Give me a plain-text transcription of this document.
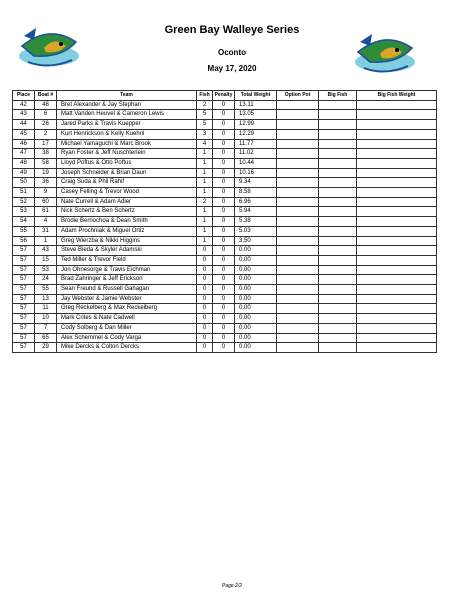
Green Bay Walleye Series
Oconto
May 17, 2020
Place	Boat #	Team	Fish	Penalty	Total Weight	Option Pot	Big Fish	Big Fish Weight
42	48	Bret Alexander & Jay Stephan	2	0	13.11			
43	6	Matt Vanden Heuvel & Cameron Lewis	5	0	13.05			
44	26	Jared Parks & Travis Kuepper	5	0	12.99			
45	2	Kurt Henrickson & Kelly Kuehnl	3	0	12.29			
46	17	Michael Yamaguchi & Marc Brook	4	0	11.77			
47	38	Ryan Foster & Jeff Nuschterlein	1	0	11.02			
48	58	Lloyd Poftus & Otto Poftus	1	0	10.44			
49	19	Joseph Schneider & Brian Daun	1	0	10.16			
50	36	Craig Suda & Phil Rahif	1	0	9.34			
51	9	Casey Felling & Trevor Wood	1	0	8.58			
52	60	Nate Currell & Adam Adler	2	0	6.96			
53	61	Nick Schertz & Ben Schertz	1	0	5.94			
54	4	Brodie Berriochoa & Dean Smith	1	0	5.38			
55	31	Adam Prochniak & Miguel Ortiz	1	0	5.03			
56	1	Greg Wierzba & Nikki Higgins	1	0	3.50			
57	43	Steve Bieda & Skyler Adamski	0	0	0.00			
57	15	Ted Miller & Trevor Field	0	0	0.00			
57	53	Jon Ohnesorge & Travis Eichman	0	0	0.00			
57	24	Brad Zahringer & Jeff Erickson	0	0	0.00			
57	55	Sean Freund & Russell Gahagan	0	0	0.00			
57	13	Jay Webster & Jamie Webster	0	0	0.00			
57	11	Greg Reckelberg & Max Reckelberg	0	0	0.00			
57	10	Mark Crites & Nate Cadwell	0	0	0.00			
57	7	Cody Solberg & Dan Miller	0	0	0.00			
57	65	Alex Schemmel & Cody Varga	0	0	0.00			
57	29	Mike Dercks & Colton Dercks	0	0	0.00			
Page 2/2
